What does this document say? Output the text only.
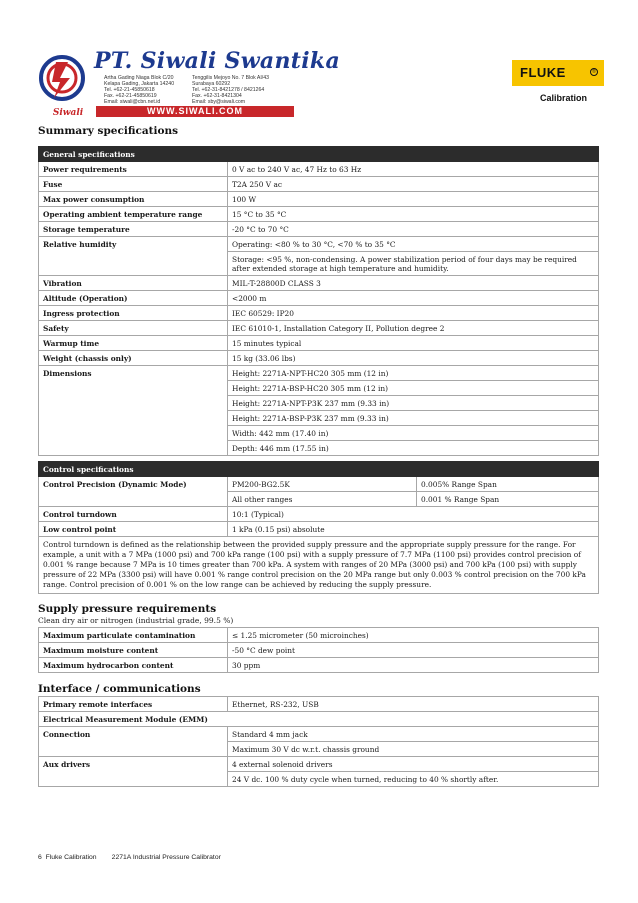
Siwali
PT. Siwali Swantika
Artha Gading Niaga Blok C/20
Kelapa Gading, Jakarta 14240
Tel. +62-21-45850618
Fax. +62-21-45850619
Email: siwali@cbn.net.id
Tenggilis Mejoyo No. 7 Blok AI/43
Surabaya 60292
Tel. +62-31-8421278 / 8421264
Fax. +62-31-8421304
Email: sby@siwali.com
WWW.SIWALI.COM
FLUKE	®
Calibration
Summary specifications
General specifications	
Power requirements	0 V ac to 240 V ac, 47 Hz to 63 Hz
Fuse	T2A 250 V ac
Max power consumption	100 W
Operating ambient temperature range	15 °C to 35 °C
Storage temperature	-20 °C to 70 °C
Relative humidity	Operating: <80 % to 30 °C, <70 % to 35 °C
	Storage: <95 %, non-condensing. A power stabilization period of four days may be required after extended storage at high temperature and humidity.
Vibration	MIL-T-28800D CLASS 3
Altitude (Operation)	<2000 m
Ingress protection	IEC 60529: IP20
Safety	IEC 61010-1, Installation Category II, Pollution degree 2
Warmup time	15 minutes typical
Weight (chassis only)	15 kg (33.06 lbs)
Dimensions	Height: 2271A-NPT-HC20 305 mm (12 in)
	Height: 2271A-BSP-HC20 305 mm (12 in)
	Height: 2271A-NPT-P3K 237 mm (9.33 in)
	Height: 2271A-BSP-P3K 237 mm (9.33 in)
	Width: 442 mm (17.40 in)
	Depth: 446 mm (17.55 in)
Control specifications		
Control Precision (Dynamic Mode)	PM200-BG2.5K	0.005% Range Span
	All other ranges	0.001 % Range Span
Control turndown	10:1 (Typical)	
Low control point	1 kPa (0.15 psi) absolute	
Control turndown is defined as the relationship between the provided supply pressure and the appropriate supply pressure for the range. For example, a unit with a 7 MPa (1000 psi) and 700 kPa range (100 psi) with a supply pressure of 7.7 MPa (1100 psi) provides control precision of 0.001 % range because 7 MPa is 10 times greater than 700 kPa. A system with ranges of 20 MPa (3000 psi) and 700 kPa (100 psi) with supply pressure of 22 MPa (3300 psi) will have 0.001 % range control precision on the 20 MPa range but only 0.003 % control precision on the 700 kPa range. Control precision of 0.001 % on the low range can be achieved by reducing the supply pressure.		
Supply pressure requirements
Clean dry air or nitrogen (industrial grade, 99.5 %)
Maximum particulate contamination	≤ 1.25 micrometer (50 microinches)
Maximum moisture content	-50 °C dew point
Maximum hydrocarbon content	30 ppm
Interface / communications
Primary remote interfaces	Ethernet, RS-232, USB
Electrical Measurement Module (EMM)	
Connection	Standard 4 mm jack
	Maximum 30 V dc w.r.t. chassis ground
Aux drivers	4 external solenoid drivers
	24 V dc. 100 % duty cycle when turned, reducing to 40 % shortly after.
6 Fluke Calibration 2271A Industrial Pressure Calibrator
